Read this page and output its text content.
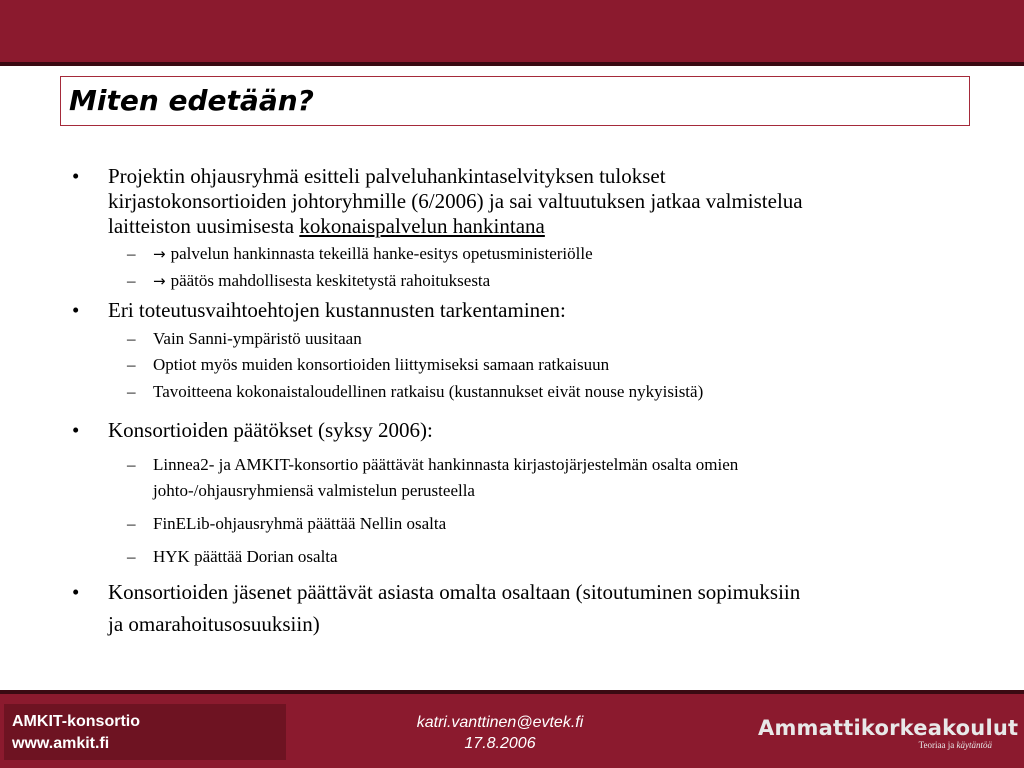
Miten edetään?
• Projektin ohjausryhmä esitteli palveluhankintaselvityksen tulokset
kirjastokonsortioiden johtoryhmille (6/2006) ja sai valtuutuksen jatkaa valmistelua
laitteiston uusimisesta kokonaispalvelun hankintana
– → palvelun hankinnasta tekeillä hanke-esitys opetusministeriölle
– → päätös mahdollisesta keskitetystä rahoituksesta
• Eri toteutusvaihtoehtojen kustannusten tarkentaminen:
– Vain Sanni-ympäristö uusitaan
– Optiot myös muiden konsortioiden liittymiseksi samaan ratkaisuun
– Tavoitteena kokonaistaloudellinen ratkaisu (kustannukset eivät nouse nykyisistä)
• Konsortioiden päätökset (syksy 2006):
– Linnea2- ja AMKIT-konsortio päättävät hankinnasta kirjastojärjestelmän osalta omien
johto-/ohjausryhmiensä valmistelun perusteella
– FinELib-ohjausryhmä päättää Nellin osalta
– HYK päättää Dorian osalta
• Konsortioiden jäsenet päättävät asiasta omalta osaltaan (sitoutuminen sopimuksiin
ja omarahoitusosuuksiin)
AMKIT-konsortio
www.amkit.fi
katri.vanttinen@evtek.fi
17.8.2006
Ammattikorkeakoulut
Teoriaa ja käytäntöä
